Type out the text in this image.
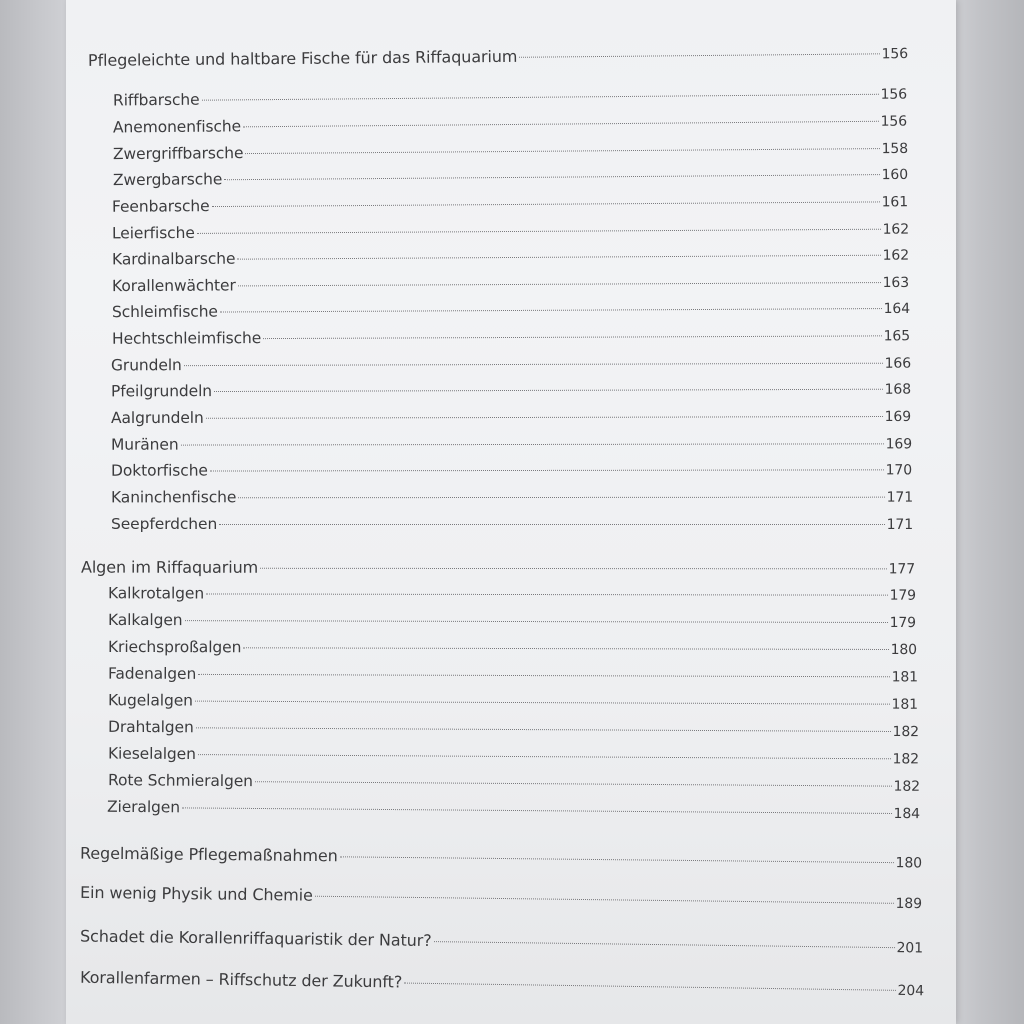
Pflegeleichte und haltbare Fische für das Riffaquarium	156
Riffbarsche	156
Anemonenfische	156
Zwergriffbarsche	158
Zwergbarsche	160
Feenbarsche	161
Leierfische	162
Kardinalbarsche	162
Korallenwächter	163
Schleimfische	164
Hechtschleimfische	165
Grundeln	166
Pfeilgrundeln	168
Aalgrundeln	169
Muränen	169
Doktorfische	170
Kaninchenfische	171
Seepferdchen	171
Algen im Riffaquarium	177
Kalkrotalgen	179
Kalkalgen	179
Kriechsproßalgen	180
Fadenalgen	181
Kugelalgen	181
Drahtalgen	182
Kieselalgen	182
Rote Schmieralgen	182
Zieralgen	184
Regelmäßige Pflegemaßnahmen	180
Ein wenig Physik und Chemie	189
Schadet die Korallenriffaquaristik der Natur?	201
Korallenfarmen – Riffschutz der Zukunft?	204
